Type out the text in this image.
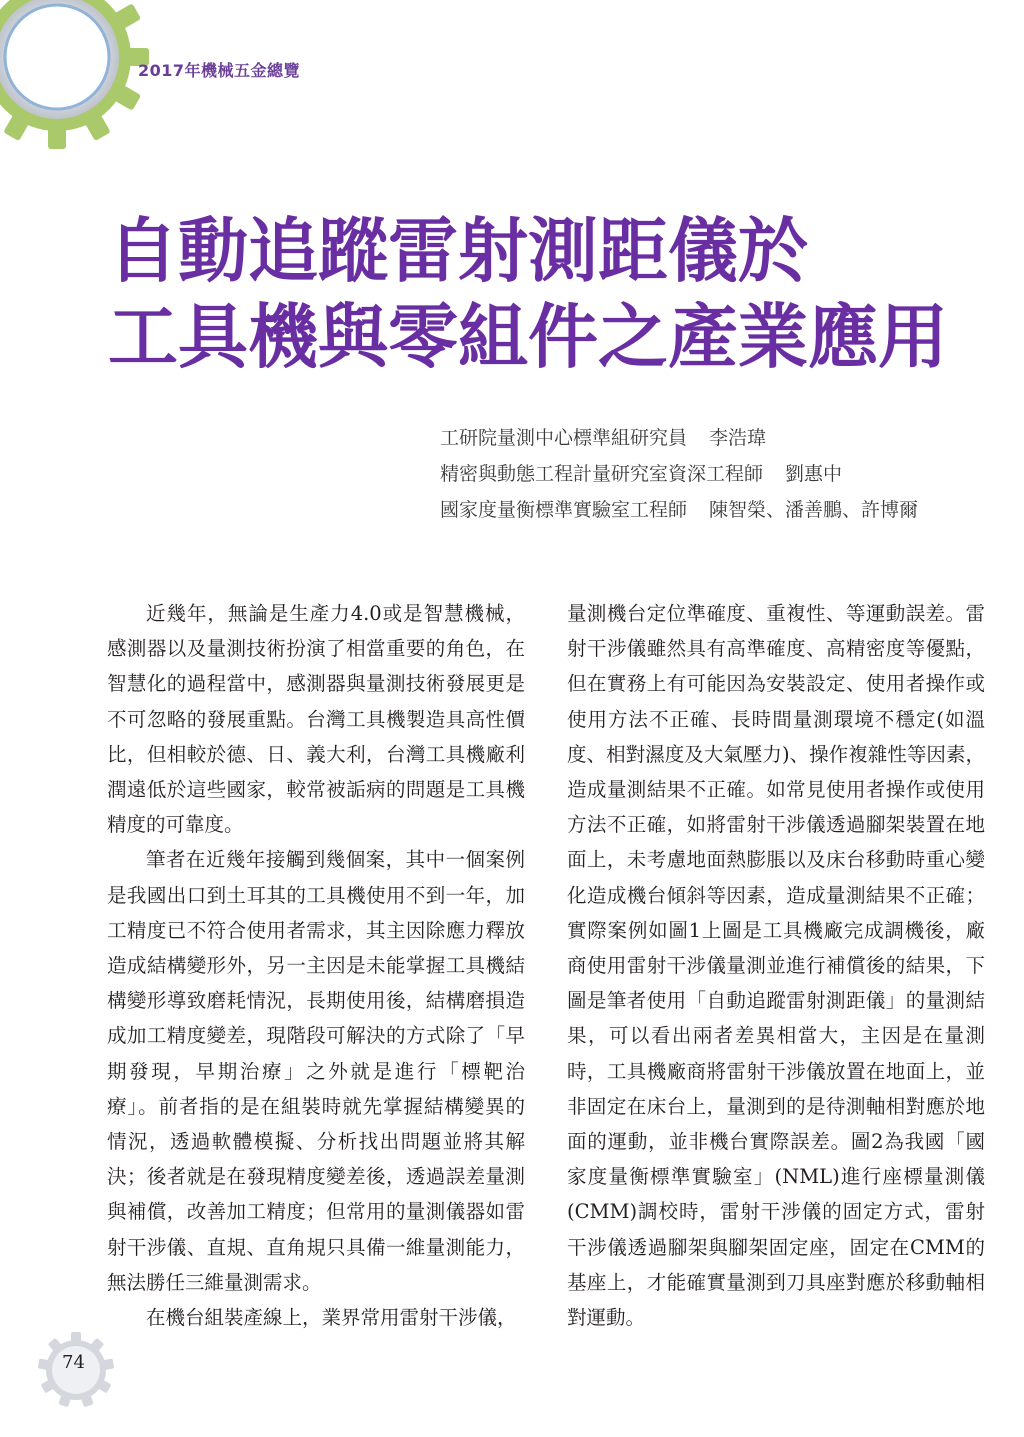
2017年機械五金總覽
自動追蹤雷射測距儀於
工具機與零組件之產業應用
工研院量測中心標準組研究員 李浩瑋
精密與動態工程計量研究室資深工程師 劉惠中
國家度量衡標準實驗室工程師 陳智榮、潘善鵬、許博爾

近幾年，無論是生產力4.0或是智慧機械，感測器以及量測技術扮演了相當重要的角色，在智慧化的過程當中，感測器與量測技術發展更是不可忽略的發展重點。台灣工具機製造具高性價比，但相較於德、日、義大利，台灣工具機廠利潤遠低於這些國家，較常被詬病的問題是工具機精度的可靠度。

筆者在近幾年接觸到幾個案，其中一個案例是我國出口到土耳其的工具機使用不到一年，加工精度已不符合使用者需求，其主因除應力釋放造成結構變形外，另一主因是未能掌握工具機結構變形導致磨耗情況，長期使用後，結構磨損造成加工精度變差，現階段可解決的方式除了「早期發現，早期治療」之外就是進行「標靶治療」。前者指的是在組裝時就先掌握結構變異的情況，透過軟體模擬、分析找出問題並將其解決；後者就是在發現精度變差後，透過誤差量測與補償，改善加工精度；但常用的量測儀器如雷射干涉儀、直規、直角規只具備一維量測能力，無法勝任三維量測需求。

在機台組裝產線上，業界常用雷射干涉儀，

量測機台定位準確度、重複性、等運動誤差。雷射干涉儀雖然具有高準確度、高精密度等優點，但在實務上有可能因為安裝設定、使用者操作或使用方法不正確、長時間量測環境不穩定(如溫度、相對濕度及大氣壓力)、操作複雜性等因素，造成量測結果不正確。如常見使用者操作或使用方法不正確，如將雷射干涉儀透過腳架裝置在地面上，未考慮地面熱膨脹以及床台移動時重心變化造成機台傾斜等因素，造成量測結果不正確；實際案例如圖1上圖是工具機廠完成調機後，廠商使用雷射干涉儀量測並進行補償後的結果，下圖是筆者使用「自動追蹤雷射測距儀」的量測結果，可以看出兩者差異相當大，主因是在量測時，工具機廠商將雷射干涉儀放置在地面上，並非固定在床台上，量測到的是待測軸相對應於地面的運動，並非機台實際誤差。圖2為我國「國家度量衡標準實驗室」(NML)進行座標量測儀(CMM)調校時，雷射干涉儀的固定方式，雷射干涉儀透過腳架與腳架固定座，固定在CMM的基座上，才能確實量測到刀具座對應於移動軸相對運動。

74
